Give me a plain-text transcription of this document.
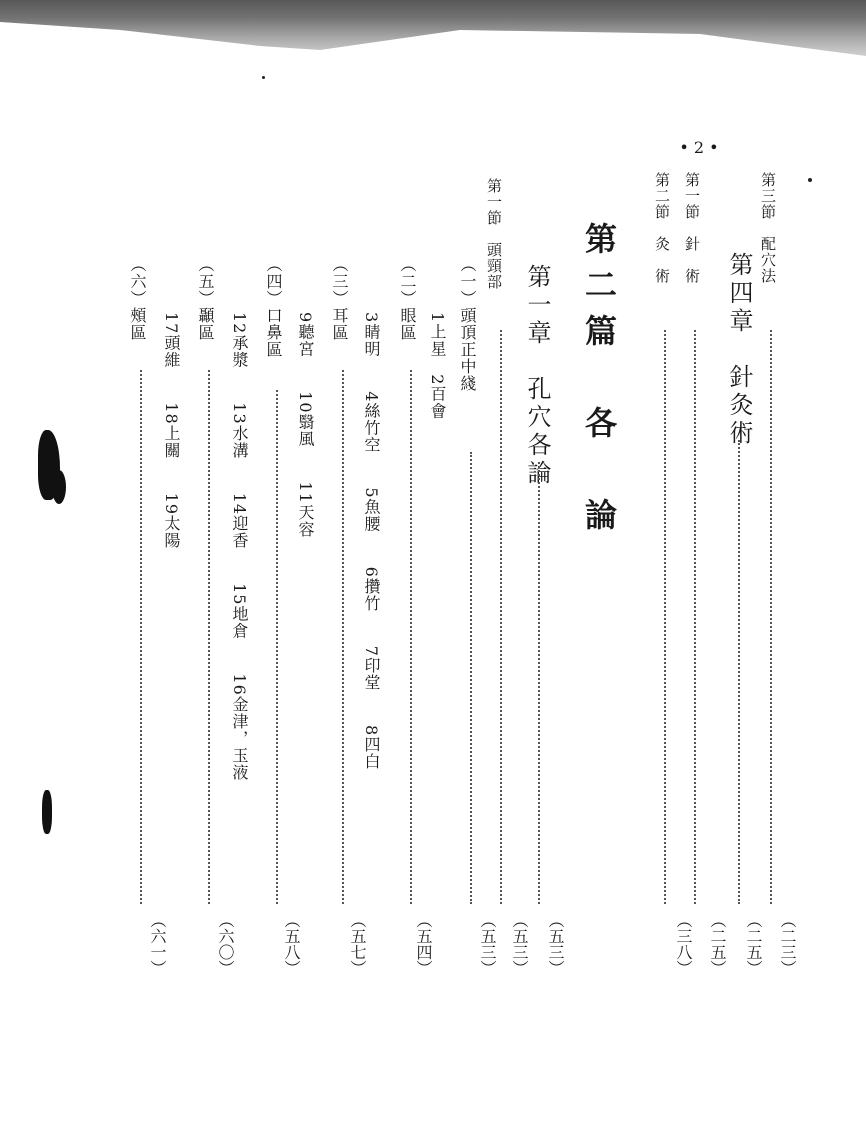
• 2 •
第三節　配穴法
（二三）
第四章　針灸術
（二五）
第一節　針　術
（二五）
第二節　灸　術
（三八）
第二篇　各　論
第一章　孔穴各論
（五三）
第一節　頭頸部
（五三）
（一）頭頂正中綫
（五三）
（二）眼區
（五四）
1上星　2百會
（三）耳區
（五七）
3睛明　　4絲竹空　　5魚腰　　6攢竹　　7印堂　　8四白
（四）口鼻區
（五八）
9聽宮　　10翳風　　11天容
（五）顳區
（六〇）
12承漿　　13水溝　　14迎香　　15地倉　　16金津，玉液
（六）頰區
（六一）
17頭維　　18上關　　19太陽
